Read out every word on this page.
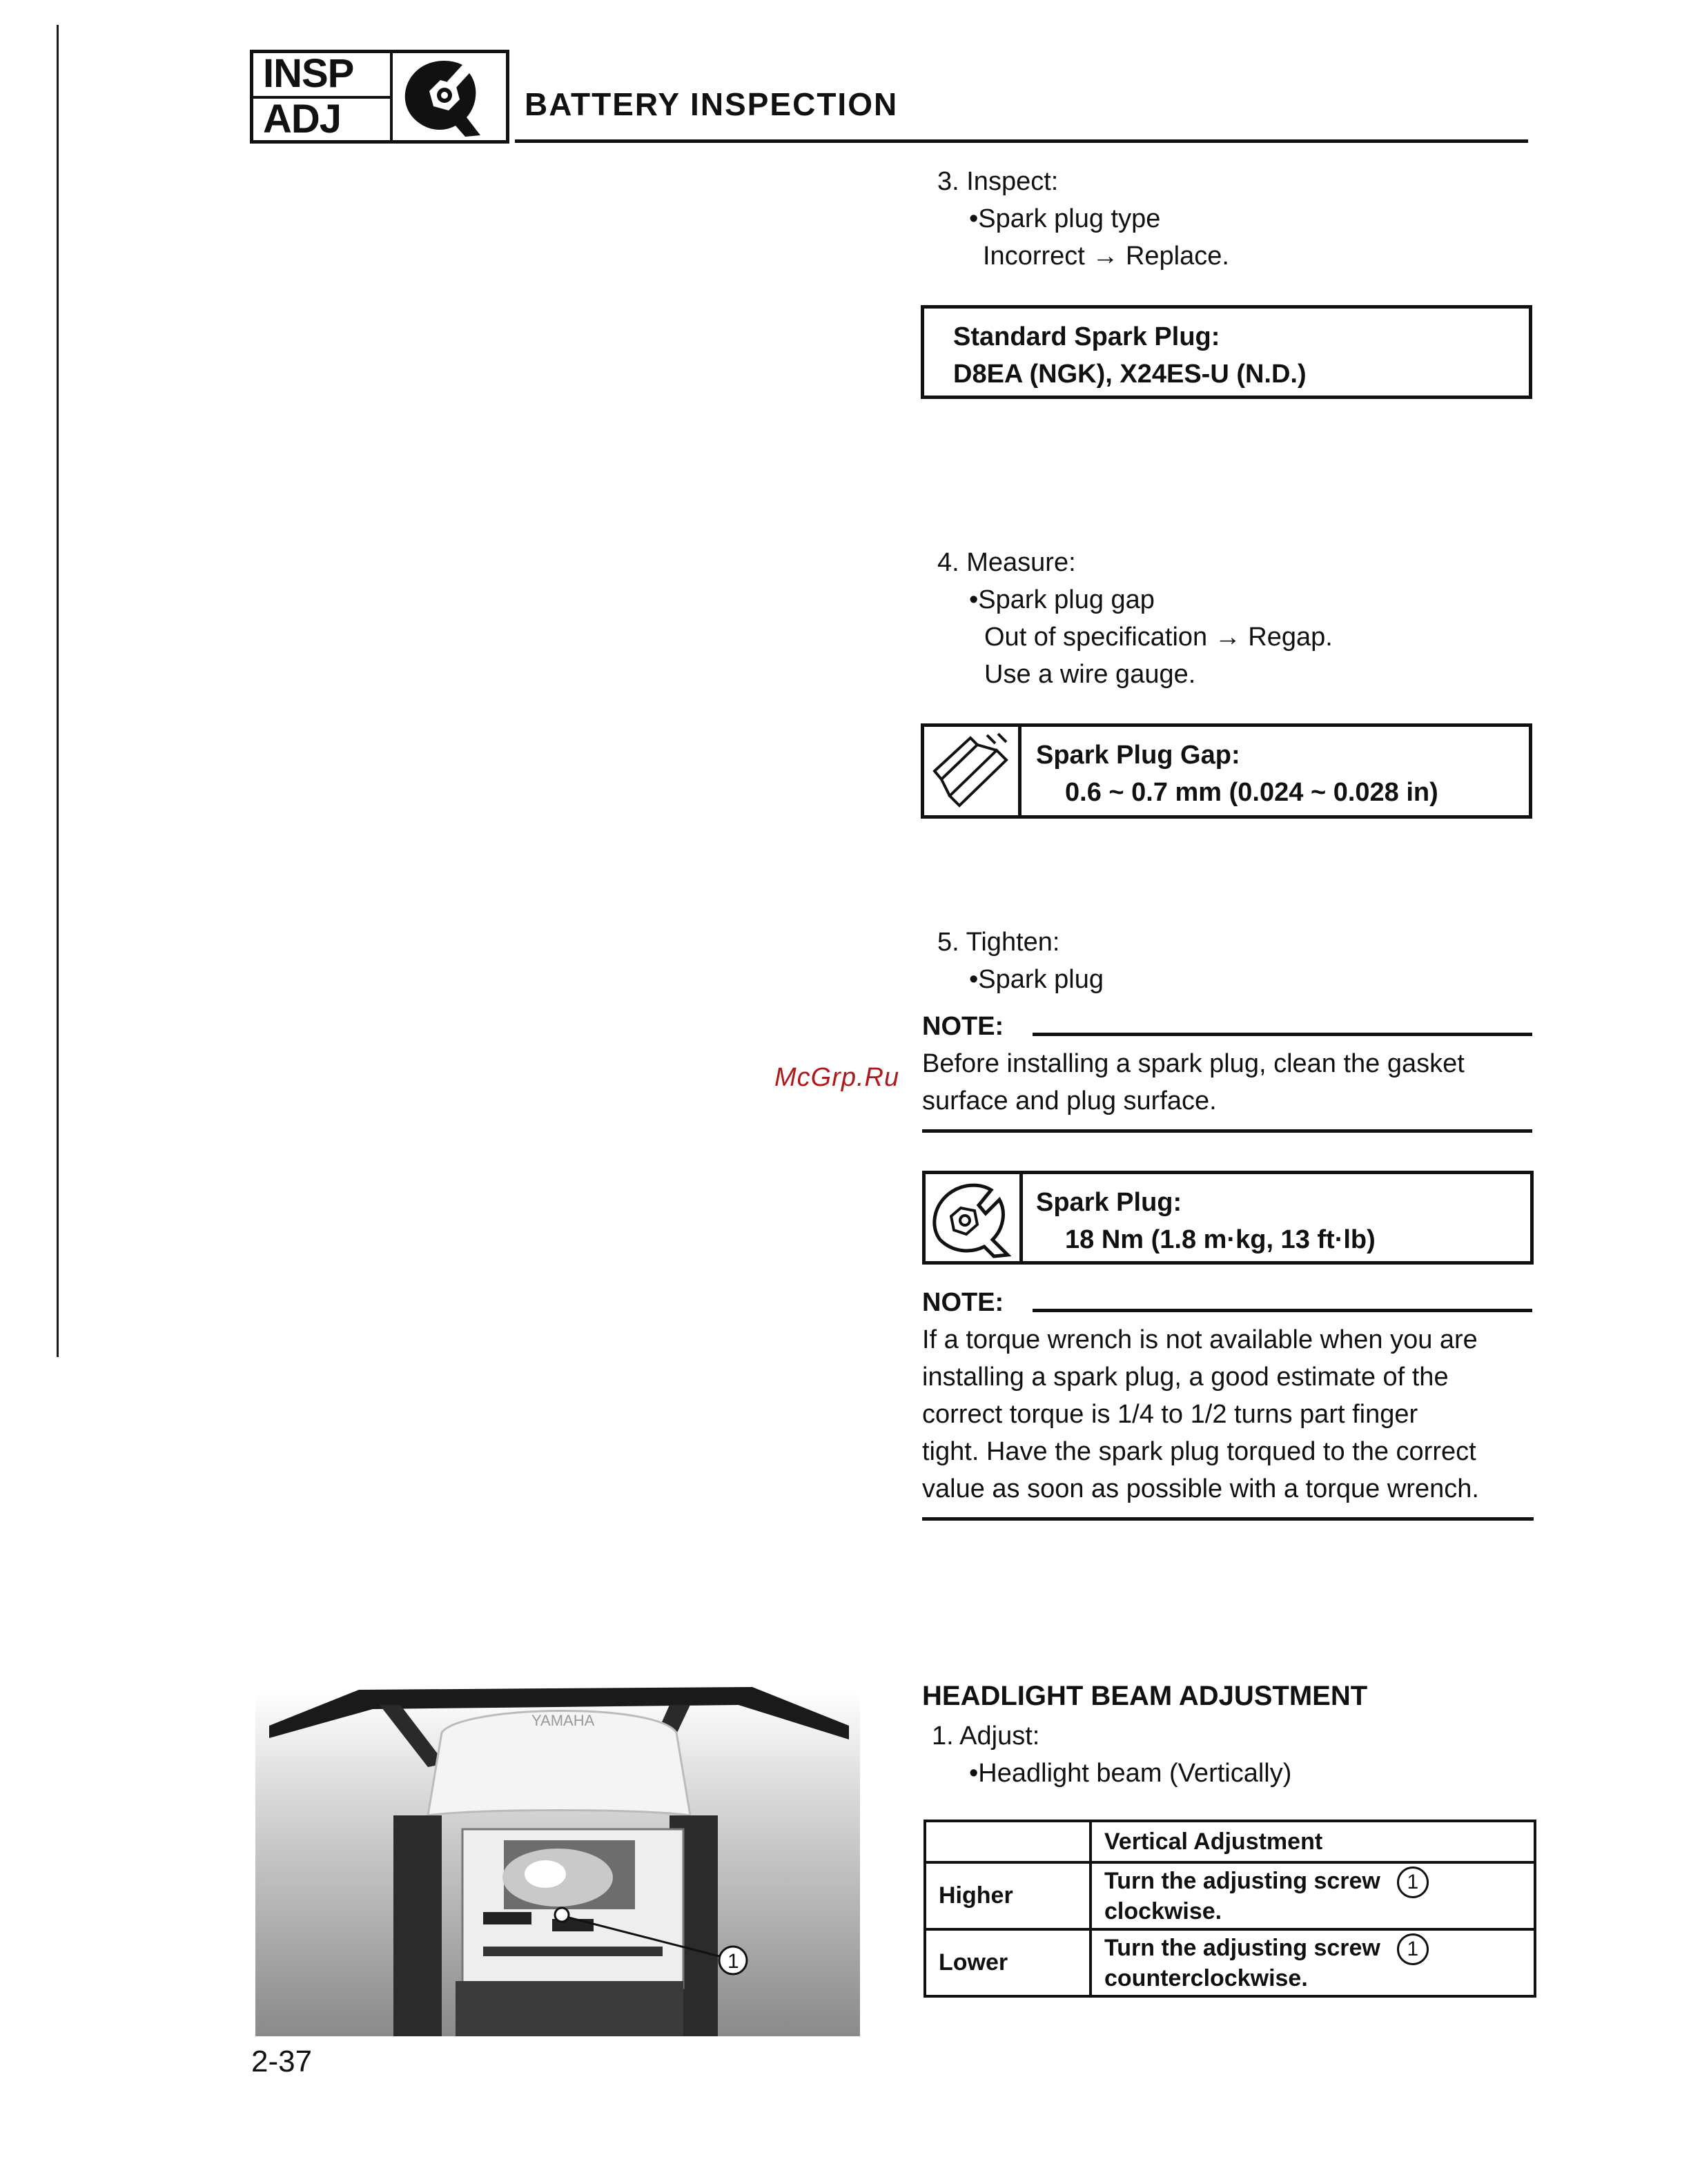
INSP
ADJ	BATTERY INSPECTION
3. Inspect:
•Spark plug type
Incorrect → Replace.
Standard Spark Plug:
D8EA (NGK), X24ES-U (N.D.)
4. Measure:
•Spark plug gap
Out of specification → Regap.
Use a wire gauge.
Spark Plug Gap:
0.6 ~ 0.7 mm (0.024 ~ 0.028 in)
5. Tighten:
•Spark plug
NOTE:
Before installing a spark plug, clean the gasket
surface and plug surface.
McGrp.Ru
Spark Plug:
18 Nm (1.8 m·kg, 13 ft·lb)
NOTE:
If a torque wrench is not available when you are
installing a spark plug, a good estimate of the
correct torque is 1/4 to 1/2 turns part finger
tight. Have the spark plug torqued to the correct
value as soon as possible with a torque wrench.
HEADLIGHT BEAM ADJUSTMENT
1. Adjust:
•Headlight beam (Vertically)
	Vertical Adjustment
Higher	Turn the adjusting screw 1
clockwise.
Lower	Turn the adjusting screw 1
counterclockwise.
YAMAHA
1
2-37
